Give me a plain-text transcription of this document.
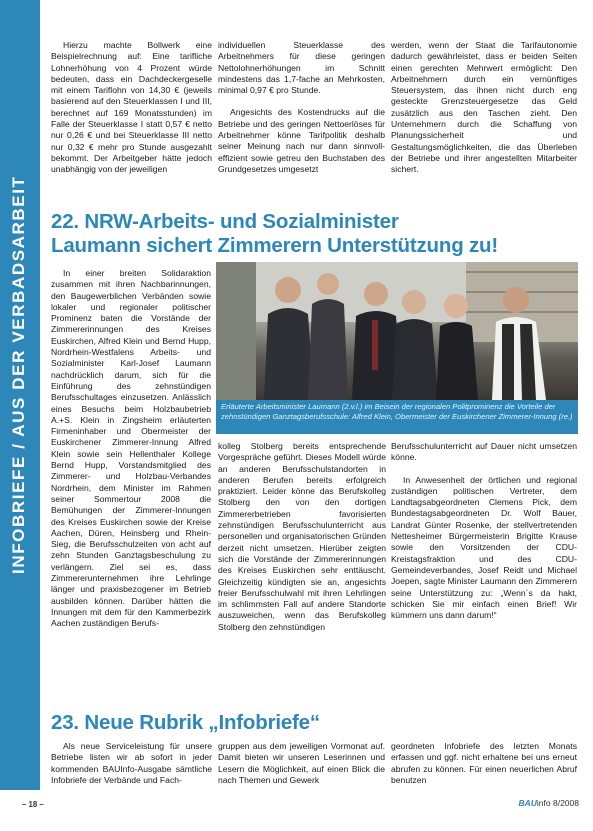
INFOBRIEFE / AUS DER VERBADSARBEIT

Hierzu machte Bollwerk eine Beispielrechnung auf: Eine tarifliche Lohnerhöhung von 4 Prozent würde bedeuten, dass ein Dachdeckergeselle mit einem Tariflohn von 14,30 € (jeweils basierend auf den Steuerklassen I und III, berechnet auf 169 Monatsstunden) im Falle der Steuerklasse I statt 0,57 € netto nur 0,26 € und bei Steuerklasse III netto nur 0,32 € mehr pro Stunde ausgezahlt bekommt. Der Arbeitgeber hätte jedoch unabhängig von der jeweiligen

individuellen Steuerklasse des Arbeitnehmers für diese geringen Nettolohnerhöhungen im Schnitt mindestens das 1,7-fache an Mehrkosten, minimal 0,97 € pro Stunde.

Angesichts des Kostendrucks auf die Betriebe und des geringen Nettoerlöses für Arbeitnehmer könne Tarifpolitik deshalb seiner Meinung nach nur dann sinnvoll-effizient sowie getreu den Buchstaben des Grundgesetzes umgesetzt

werden, wenn der Staat die Tarifautonomie dadurch gewährleistet, dass er beiden Seiten einen gerechten Mehrwert ermöglicht: Den Arbeitnehmern durch ein vernünftiges Steuersystem, das ihnen nicht durch eng gesteckte Grenzsteuergesetze das Geld zusätzlich aus den Taschen zieht. Den Unternehmern durch die Schaffung von Planungssicherheit und Gestaltungsmöglichkeiten, die das Überleben der Betriebe und ihrer angestellten Mitarbeiter sichert.

22. NRW-Arbeits- und Sozialminister
Laumann sichert Zimmerern Unterstützung zu!

In einer breiten Solidaraktion zusammen mit ihren Nachbarinnungen, den Baugewerblichen Verbänden sowie lokaler und regionaler politischer Prominenz baten die Vorstände der Zimmererinnungen des Kreises Euskirchen, Alfred Klein und Bernd Hupp, Nordrhein-Westfalens Arbeits- und Sozialminister Karl-Josef Laumann nachdrücklich darum, sich für die Einführung des zehnstündigen Berufsschultages einzusetzen. Anlässlich eines Besuchs beim Holzbaubetrieb A.+S. Klein in Zingsheim erläuterten Firmeninhaber und Obermeister der Euskirchener Zimmerer-Innung Alfred Klein sowie sein Hellenthaler Kollege Bernd Hupp, Vorstandsmitglied des Zimmerer- und Holzbau-Verbandes Nordrhein, dem Minister im Rahmen seiner Sommertour 2008 die Bemühungen der Zimmerer-Innungen des Kreises Euskirchen sowie der Kreise Aachen, Düren, Heinsberg und Rhein-Sieg, die Berufsschulzeiten von acht auf zehn Stunden Ganztagsbeschulung zu verlängern. Ziel sei es, dass Zimmererunternehmen ihre Lehrlinge länger und praxisbezogener im Betrieb ausbilden können. Darüber hätten die Innungen mit dem für den Kammerbezirk Aachen zuständigen Berufs-

Erläuterte Arbeitsminister Laumann (2.v.l.) im Beisein der regionalen Politprominenz die Vorteile der zehnstündigen Ganztagsberufsschule: Alfred Klein, Obermeister der Euskirchener Zimmerer-Innung (re.)

kolleg Stolberg bereits entsprechende Vorgespräche geführt. Dieses Modell würde an anderen Berufsschulstandorten in anderen Berufen bereits erfolgreich praktiziert. Leider könne das Berufskolleg Stolberg den von den dortigen Zimmererbetrieben favorisierten zehnstündigen Berufsschulunterricht aus personellen und organisatorischen Gründen derzeit nicht umsetzen. Hierüber zeigten sich die Vorstände der Zimmererinnungen des Kreises Euskirchen sehr enttäuscht. Gleichzeitig kündigten sie an, angesichts freier Berufsschulwahl mit ihren Lehrlingen im schlimmsten Fall auf andere Standorte auszuweichen, wenn das Berufskolleg Stolberg den zehnstündigen

Berufsschulunterricht auf Dauer nicht umsetzen könne.

In Anwesenheit der örtlichen und regional zuständigen politischen Vertreter, dem Landtagsabgeordneten Clemens Pick, dem Bundestagsabgeordneten Dr. Wolf Bauer, Landrat Günter Rosenke, der stellvertretenden Nettesheimer Bürgermeisterin Brigitte Krause sowie den Vorsitzenden der CDU-Kreistagsfraktion und des CDU-Gemeindeverbandes, Josef Reidt und Michael Joepen, sagte Minister Laumann den Zimmerern seine Unterstützung zu: „Wenn´s da hakt, schicken Sie mir einfach einen Brief! Wir kümmern uns dann darum!“

23. Neue Rubrik „Infobriefe“

Als neue Serviceleistung für unsere Betriebe listen wir ab sofort in jeder kommenden BAUInfo-Ausgabe sämtliche Infobriefe der Verbände und Fach-

gruppen aus dem jeweiligen Vormonat auf. Damit bieten wir unseren Leserinnen und Lesern die Möglichkeit, auf einen Blick die nach Themen und Gewerk

geordneten Infobriefe des letzten Monats erfassen und ggf. nicht erhaltene bei uns erneut abrufen zu können. Für einen neuerlichen Abruf benutzen

– 18 –	BAUinfo 8/2008
